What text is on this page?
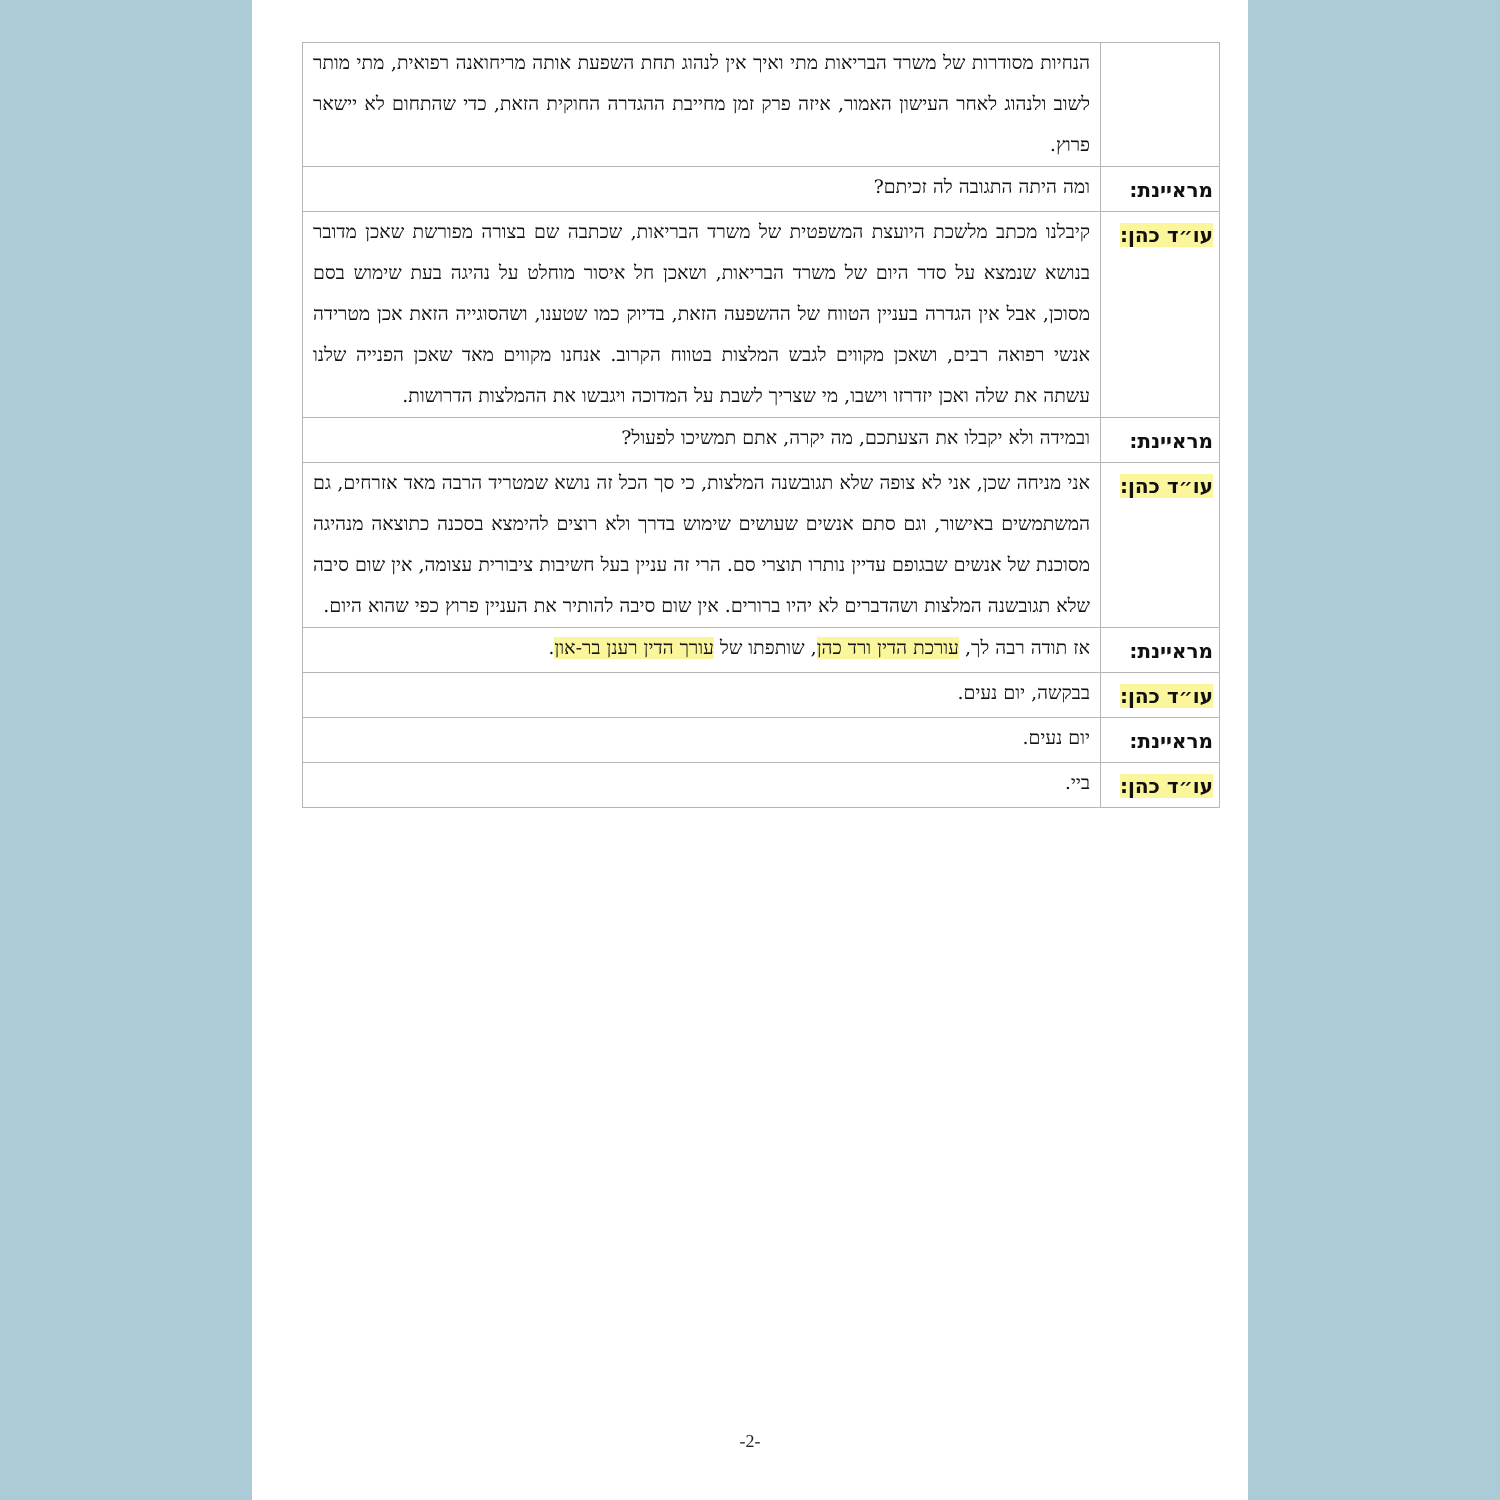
	הנחיות מסודרות של משרד הבריאות מתי ואיך אין לנהוג תחת השפעת אותה מריחואנה רפואית, מתי מותר לשוב ולנהוג לאחר העישון האמור, איזה פרק זמן מחייבת ההגדרה החוקית הזאת, כדי שהתחום לא יישאר פרוץ.
מראיינת:	ומה היתה התגובה לה זכיתם?
עו״ד כהן:	קיבלנו מכתב מלשכת היועצת המשפטית של משרד הבריאות, שכתבה שם בצורה מפורשת שאכן מדובר בנושא שנמצא על סדר היום של משרד הבריאות, ושאכן חל איסור מוחלט על נהיגה בעת שימוש בסם מסוכן, אבל אין הגדרה בעניין הטווח של ההשפעה הזאת, בדיוק כמו שטענו, ושהסוגייה הזאת אכן מטרידה אנשי רפואה רבים, ושאכן מקווים לגבש המלצות בטווח הקרוב. אנחנו מקווים מאד שאכן הפנייה שלנו עשתה את שלה ואכן יזדרזו וישבו, מי שצריך לשבת על המדוכה ויגבשו את ההמלצות הדרושות.
מראיינת:	ובמידה ולא יקבלו את הצעתכם, מה יקרה, אתם תמשיכו לפעול?
עו״ד כהן:	אני מניחה שכן, אני לא צופה שלא תגובשנה המלצות, כי סך הכל זה נושא שמטריד הרבה מאד אזרחים, גם המשתמשים באישור, וגם סתם אנשים שעושים שימוש בדרך ולא רוצים להימצא בסכנה כתוצאה מנהיגה מסוכנת של אנשים שבגופם עדיין נותרו תוצרי סם. הרי זה עניין בעל חשיבות ציבורית עצומה, אין שום סיבה שלא תגובשנה המלצות ושהדברים לא יהיו ברורים. אין שום סיבה להותיר את העניין פרוץ כפי שהוא היום.
מראיינת:	אז תודה רבה לך, עורכת הדין ורד כהן, שותפתו של עורך הדין רענן בר-און.
עו״ד כהן:	בבקשה, יום נעים.
מראיינת:	יום נעים.
עו״ד כהן:	ביי.
-2-
